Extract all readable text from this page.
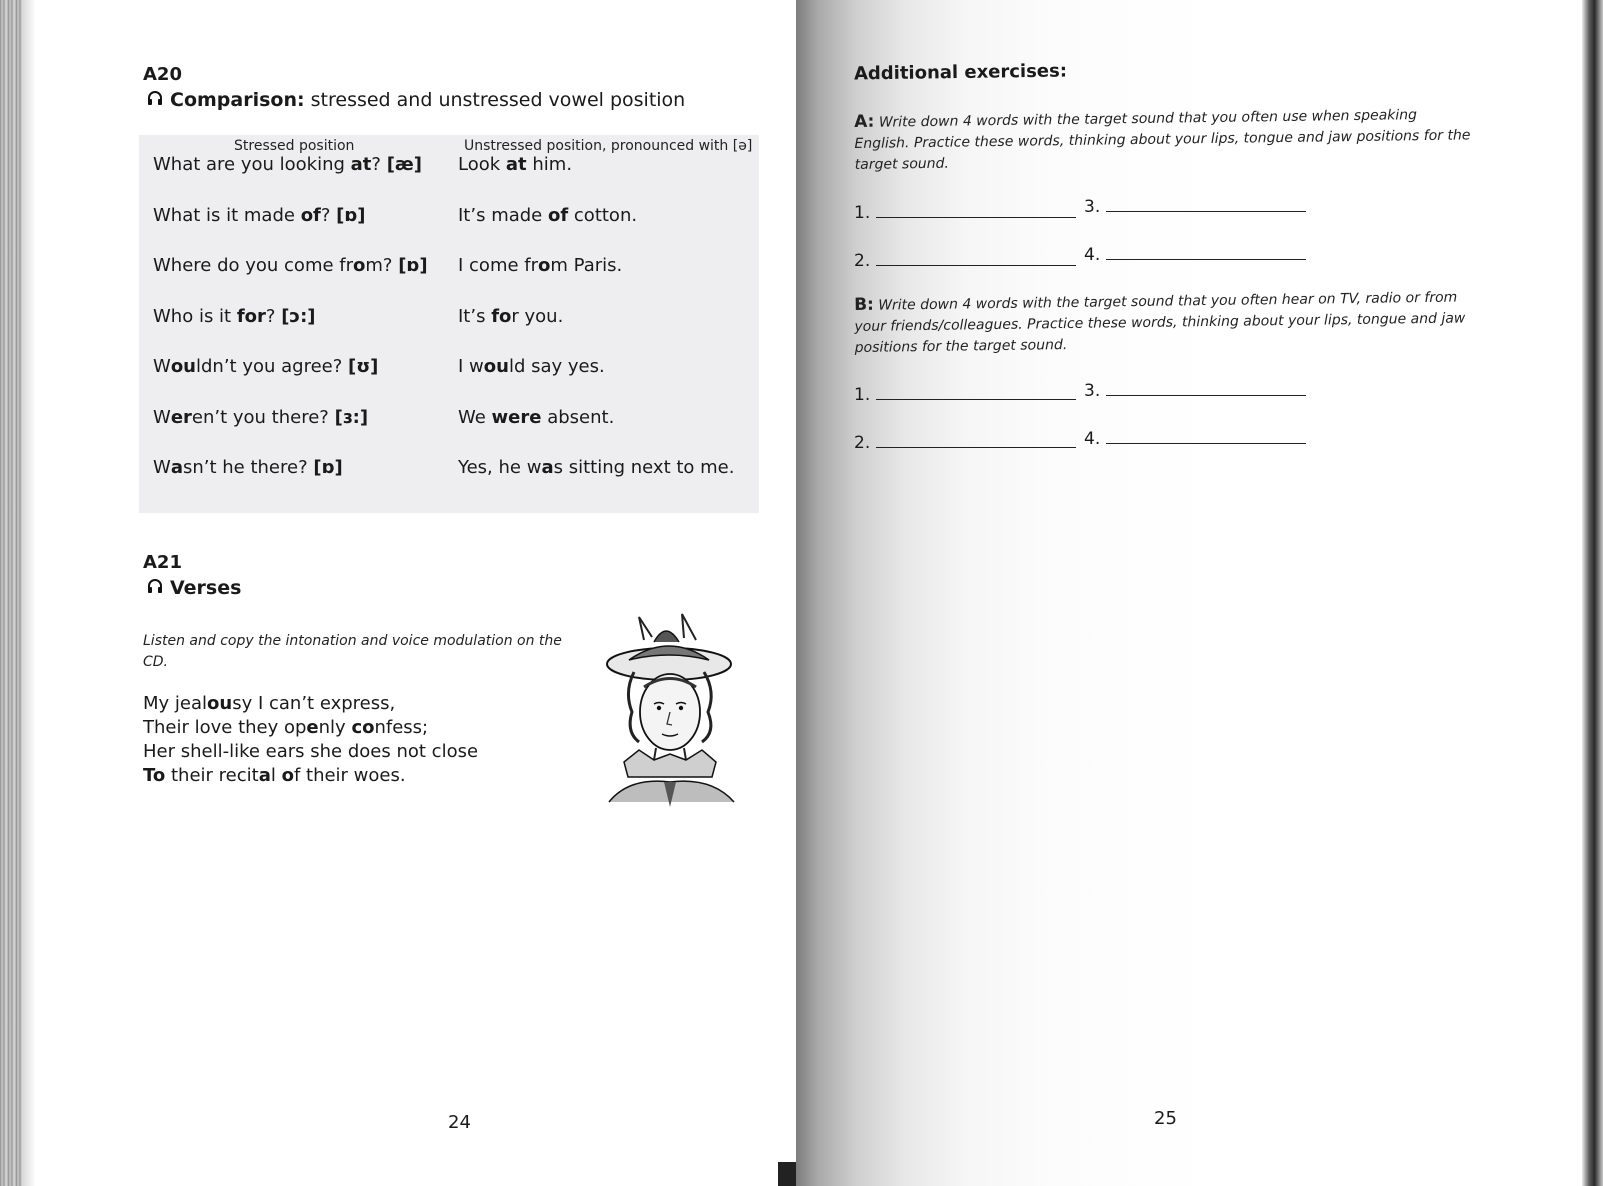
A20
Comparison: stressed and unstressed vowel position
Stressed position	Unstressed position, pronounced with [ə]
What are you looking at? [æ] Look at him.
What is it made of? [ɒ]	It’s made of cotton.
Where do you come from? [ɒ] I come from Paris.
Who is it for? [ɔ:]	It’s for you.
Wouldn’t you agree? [ʊ]	I would say yes.
Weren’t you there? [ɜ:]	We were absent.
Wasn’t he there? [ɒ]	Yes, he was sitting next to me.
A21
Verses
Listen and copy the intonation and voice modulation on the CD.
My jealousy I can’t express,
Their love they openly confess;
Her shell-like ears she does not close
To their recital of their woes.
24
Additional exercises:
A: Write down 4 words with the target sound that you often use when speaking English. Practice these words, thinking about your lips, tongue and jaw positions for the target sound.
1.	3.
2.	4.
B: Write down 4 words with the target sound that you often hear on TV, radio or from your friends/colleagues. Practice these words, thinking about your lips, tongue and jaw positions for the target sound.
1.	3.
2.	4.
25
